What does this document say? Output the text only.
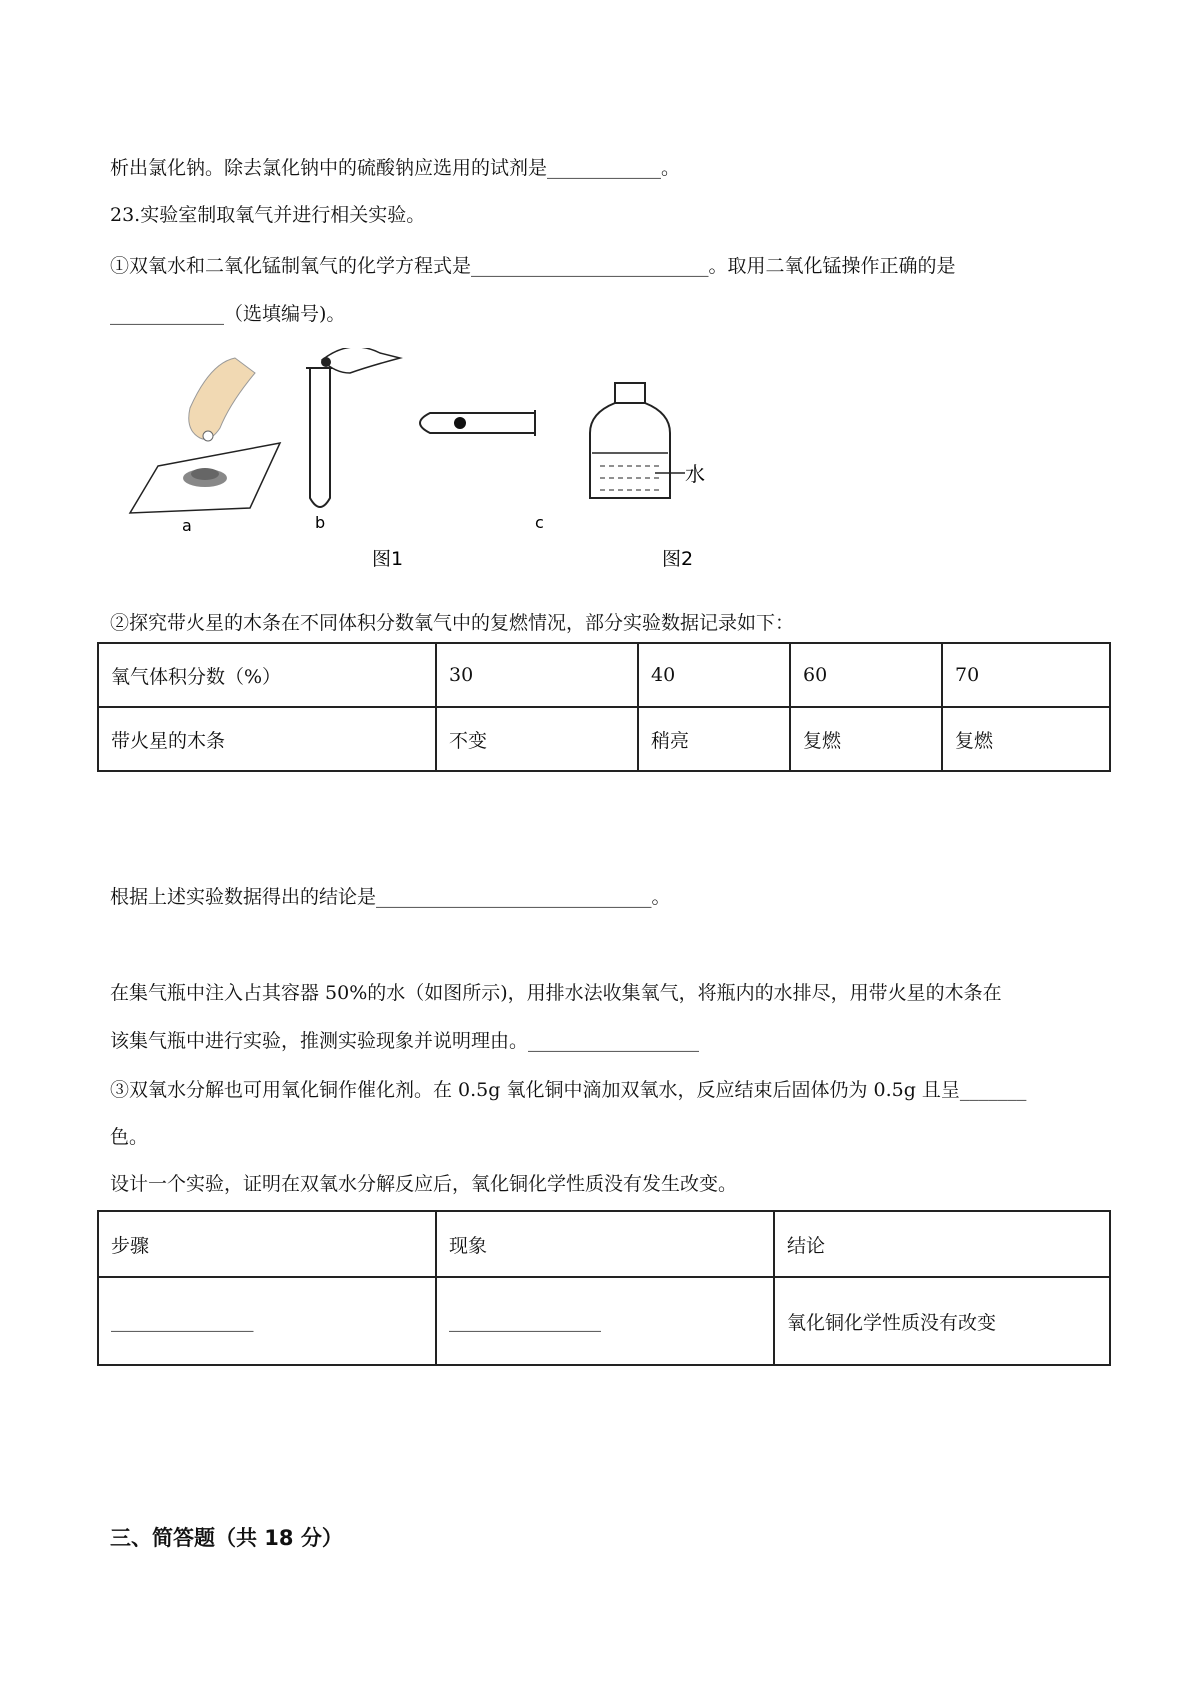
析出氯化钠。除去氯化钠中的硫酸钠应选用的试剂是____________。
23.实验室制取氧气并进行相关实验。
①双氧水和二氧化锰制氧气的化学方程式是_________________________。取用二氧化锰操作正确的是
____________（选填编号)。
水
a	b	c
图1	图2
②探究带火星的木条在不同体积分数氧气中的复燃情况，部分实验数据记录如下：
氧气体积分数（%）	30	40	60	70
带火星的木条	不变	稍亮	复燃	复燃
根据上述实验数据得出的结论是_____________________________。
在集气瓶中注入占其容器 50%的水（如图所示)，用排水法收集氧气，将瓶内的水排尽，用带火星的木条在
该集气瓶中进行实验，推测实验现象并说明理由。__________________
③双氧水分解也可用氧化铜作催化剂。在 0.5g 氧化铜中滴加双氧水，反应结束后固体仍为 0.5g 且呈_______
色。
设计一个实验，证明在双氧水分解反应后，氧化铜化学性质没有发生改变。
步骤	现象	结论
_______________	________________	氧化铜化学性质没有改变
三、简答题（共 18 分）
